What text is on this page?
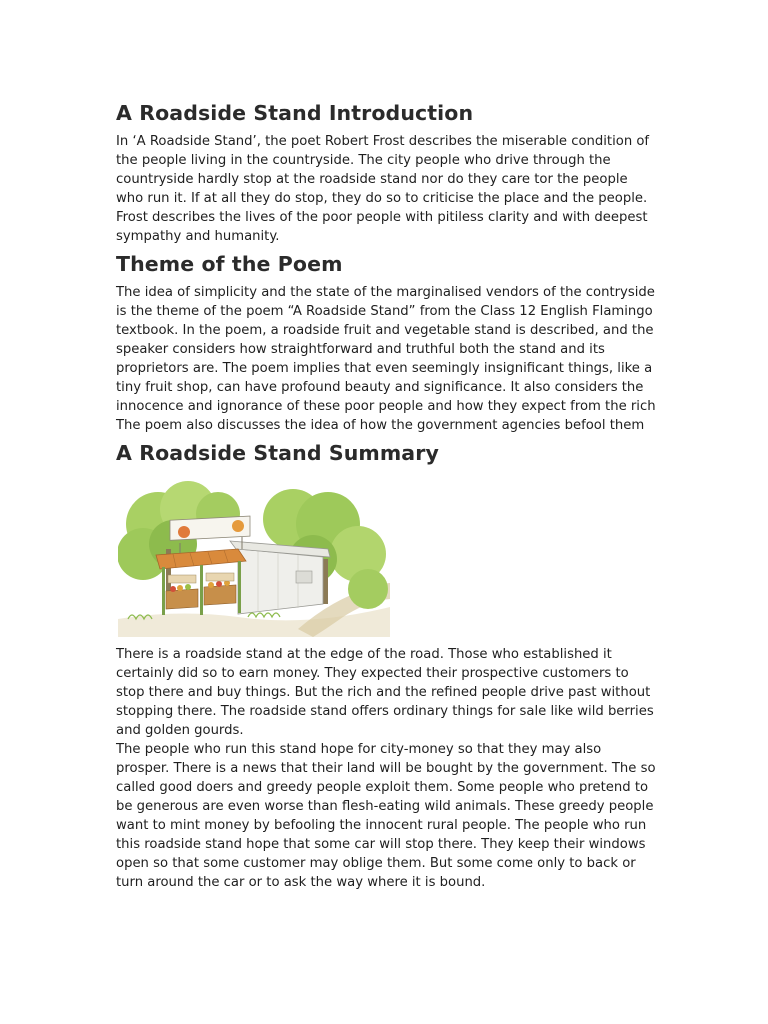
A Roadside Stand Introduction

In ‘A Roadside Stand’, the poet Robert Frost describes the miserable condition of the people living in the countryside. The city people who drive through the countryside hardly stop at the roadside stand nor do they care tor the people who run it. If at all they do stop, they do so to criticise the place and the people. Frost describes the lives of the poor people with pitiless clarity and with deepest sympathy and humanity.

Theme of the Poem

The idea of simplicity and the state of the marginalised vendors of the contryside is the theme of the poem “A Roadside Stand” from the Class 12 English Flamingo textbook. In the poem, a roadside fruit and vegetable stand is described, and the speaker considers how straightforward and truthful both the stand and its proprietors are. The poem implies that even seemingly insignificant things, like a tiny fruit shop, can have profound beauty and significance. It also considers the innocence and ignorance of these poor people and how they expect from the rich The poem also discusses the idea of how the government agencies befool them

A Roadside Stand Summary

There is a roadside stand at the edge of the road. Those who established it certainly did so to earn money. They expected their prospective customers to stop there and buy things. But the rich and the refined people drive past without stopping there. The roadside stand offers ordinary things for sale like wild berries and golden gourds.

The people who run this stand hope for city-money so that they may also prosper. There is a news that their land will be bought by the government. The so called good doers and greedy people exploit them. Some people who pretend to be generous are even worse than flesh-eating wild animals. These greedy people want to mint money by befooling the innocent rural people. The people who run this roadside stand hope that some car will stop there. They keep their windows open so that some customer may oblige them. But some come only to back or turn around the car or to ask the way where it is bound.
